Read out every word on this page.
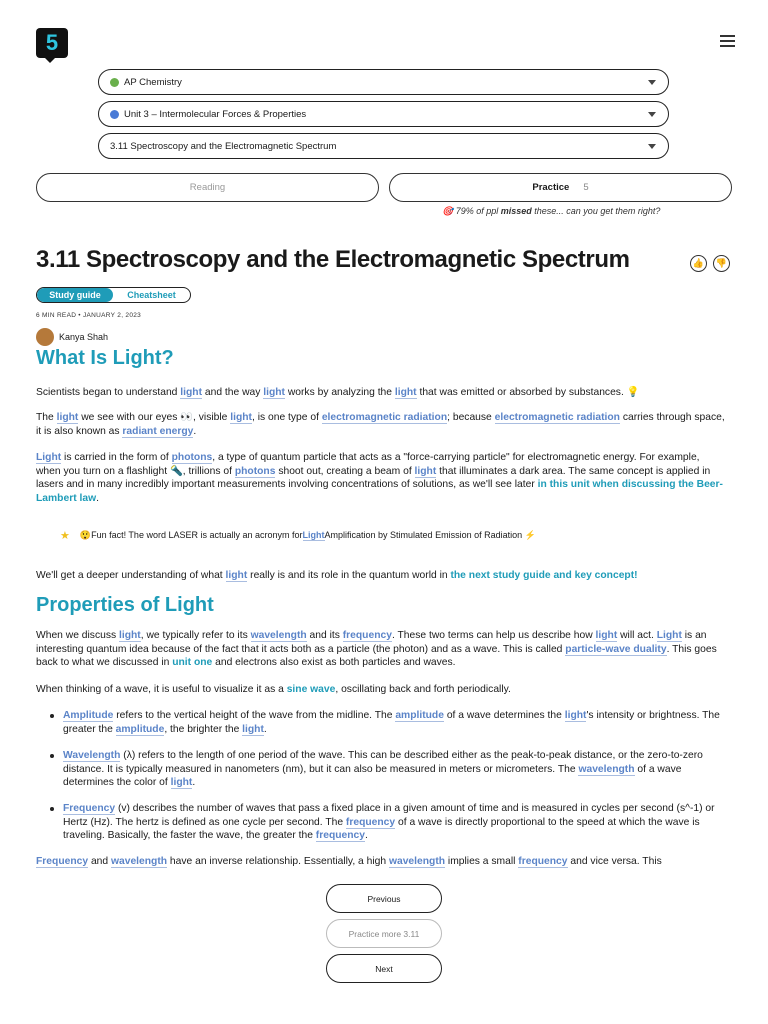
5
AP Chemistry
Unit 3 – Intermolecular Forces & Properties
3.11 Spectroscopy and the Electromagnetic Spectrum
Reading	Practice 5
🎯 79% of ppl missed these... can you get them right?
3.11 Spectroscopy and the Electromagnetic Spectrum	👍	👎
Study guide	Cheatsheet
6 MIN READ • JANUARY 2, 2023
Kanya Shah
What Is Light?
Scientists began to understand light and the way light works by analyzing the light that was emitted or absorbed by substances. 💡
The light we see with our eyes 👀, visible light, is one type of electromagnetic radiation; because electromagnetic radiation carries through space, it is also known as radiant energy.
Light is carried in the form of photons, a type of quantum particle that acts as a "force-carrying particle" for electromagnetic energy. For example, when you turn on a flashlight 🔦, trillions of photons shoot out, creating a beam of light that illuminates a dark area. The same concept is applied in lasers and in many incredibly important measurements involving concentrations of solutions, as we'll see later in this unit when discussing the Beer-Lambert law.
★ 😲Fun fact! The word LASER is actually an acronym for Light Amplification by Stimulated Emission of Radiation ⚡
We'll get a deeper understanding of what light really is and its role in the quantum world in the next study guide and key concept!
Properties of Light
When we discuss light, we typically refer to its wavelength and its frequency. These two terms can help us describe how light will act. Light is an interesting quantum idea because of the fact that it acts both as a particle (the photon) and as a wave. This is called particle-wave duality. This goes back to what we discussed in unit one and electrons also exist as both particles and waves.
When thinking of a wave, it is useful to visualize it as a sine wave, oscillating back and forth periodically.
Amplitude refers to the vertical height of the wave from the midline. The amplitude of a wave determines the light's intensity or brightness. The greater the amplitude, the brighter the light.
Wavelength (λ) refers to the length of one period of the wave. This can be described either as the peak-to-peak distance, or the zero-to-zero distance. It is typically measured in nanometers (nm), but it can also be measured in meters or micrometers. The wavelength of a wave determines the color of light.
Frequency (v) describes the number of waves that pass a fixed place in a given amount of time and is measured in cycles per second (s^-1) or Hertz (Hz). The hertz is defined as one cycle per second. The frequency of a wave is directly proportional to the speed at which the wave is traveling. Basically, the faster the wave, the greater the frequency.
Frequency and wavelength have an inverse relationship. Essentially, a high wavelength implies a small frequency and vice versa. This
Previous
Practice more 3.11
Next
